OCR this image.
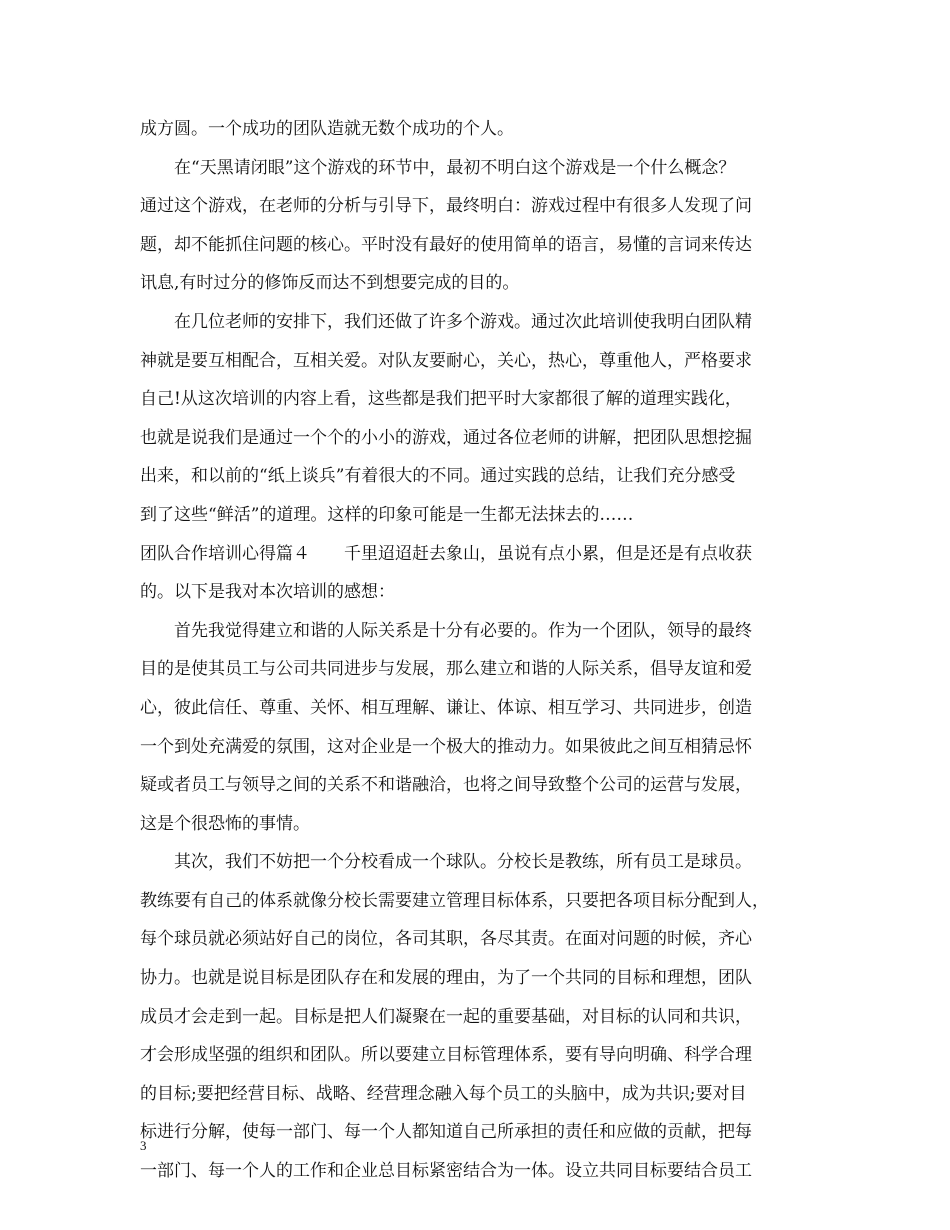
成方圆。一个成功的团队造就无数个成功的个人。
　　在“天黑请闭眼”这个游戏的环节中，最初不明白这个游戏是一个什么概念？
通过这个游戏，在老师的分析与引导下，最终明白：游戏过程中有很多人发现了问
题，却不能抓住问题的核心。平时没有最好的使用简单的语言，易懂的言词来传达
讯息,有时过分的修饰反而达不到想要完成的目的。
　　在几位老师的安排下，我们还做了许多个游戏。通过次此培训使我明白团队精
神就是要互相配合，互相关爱。对队友要耐心，关心，热心，尊重他人，严格要求
自己!从这次培训的内容上看，这些都是我们把平时大家都很了解的道理实践化，
也就是说我们是通过一个个的小小的游戏，通过各位老师的讲解，把团队思想挖掘
出来，和以前的“纸上谈兵”有着很大的不同。通过实践的总结，让我们充分感受
到了这些“鲜活”的道理。这样的印象可能是一生都无法抹去的……
团队合作培训心得篇４　　千里迢迢赶去象山，虽说有点小累，但是还是有点收获
的。以下是我对本次培训的感想：
　　首先我觉得建立和谐的人际关系是十分有必要的。作为一个团队，领导的最终
目的是使其员工与公司共同进步与发展，那么建立和谐的人际关系，倡导友谊和爱
心，彼此信任、尊重、关怀、相互理解、谦让、体谅、相互学习、共同进步，创造
一个到处充满爱的氛围，这对企业是一个极大的推动力。如果彼此之间互相猜忌怀
疑或者员工与领导之间的关系不和谐融洽，也将之间导致整个公司的运营与发展，
这是个很恐怖的事情。
　　其次，我们不妨把一个分校看成一个球队。分校长是教练，所有员工是球员。
教练要有自己的体系就像分校长需要建立管理目标体系，只要把各项目标分配到人，
每个球员就必须站好自己的岗位，各司其职，各尽其责。在面对问题的时候，齐心
协力。也就是说目标是团队存在和发展的理由，为了一个共同的目标和理想，团队
成员才会走到一起。目标是把人们凝聚在一起的重要基础，对目标的认同和共识，
才会形成坚强的组织和团队。所以要建立目标管理体系，要有导向明确、科学合理
的目标;要把经营目标、战略、经营理念融入每个员工的头脑中，成为共识;要对目
标进行分解，使每一部门、每一个人都知道自己所承担的责任和应做的贡献，把每
一部门、每一个人的工作和企业总目标紧密结合为一体。设立共同目标要结合员工
3
